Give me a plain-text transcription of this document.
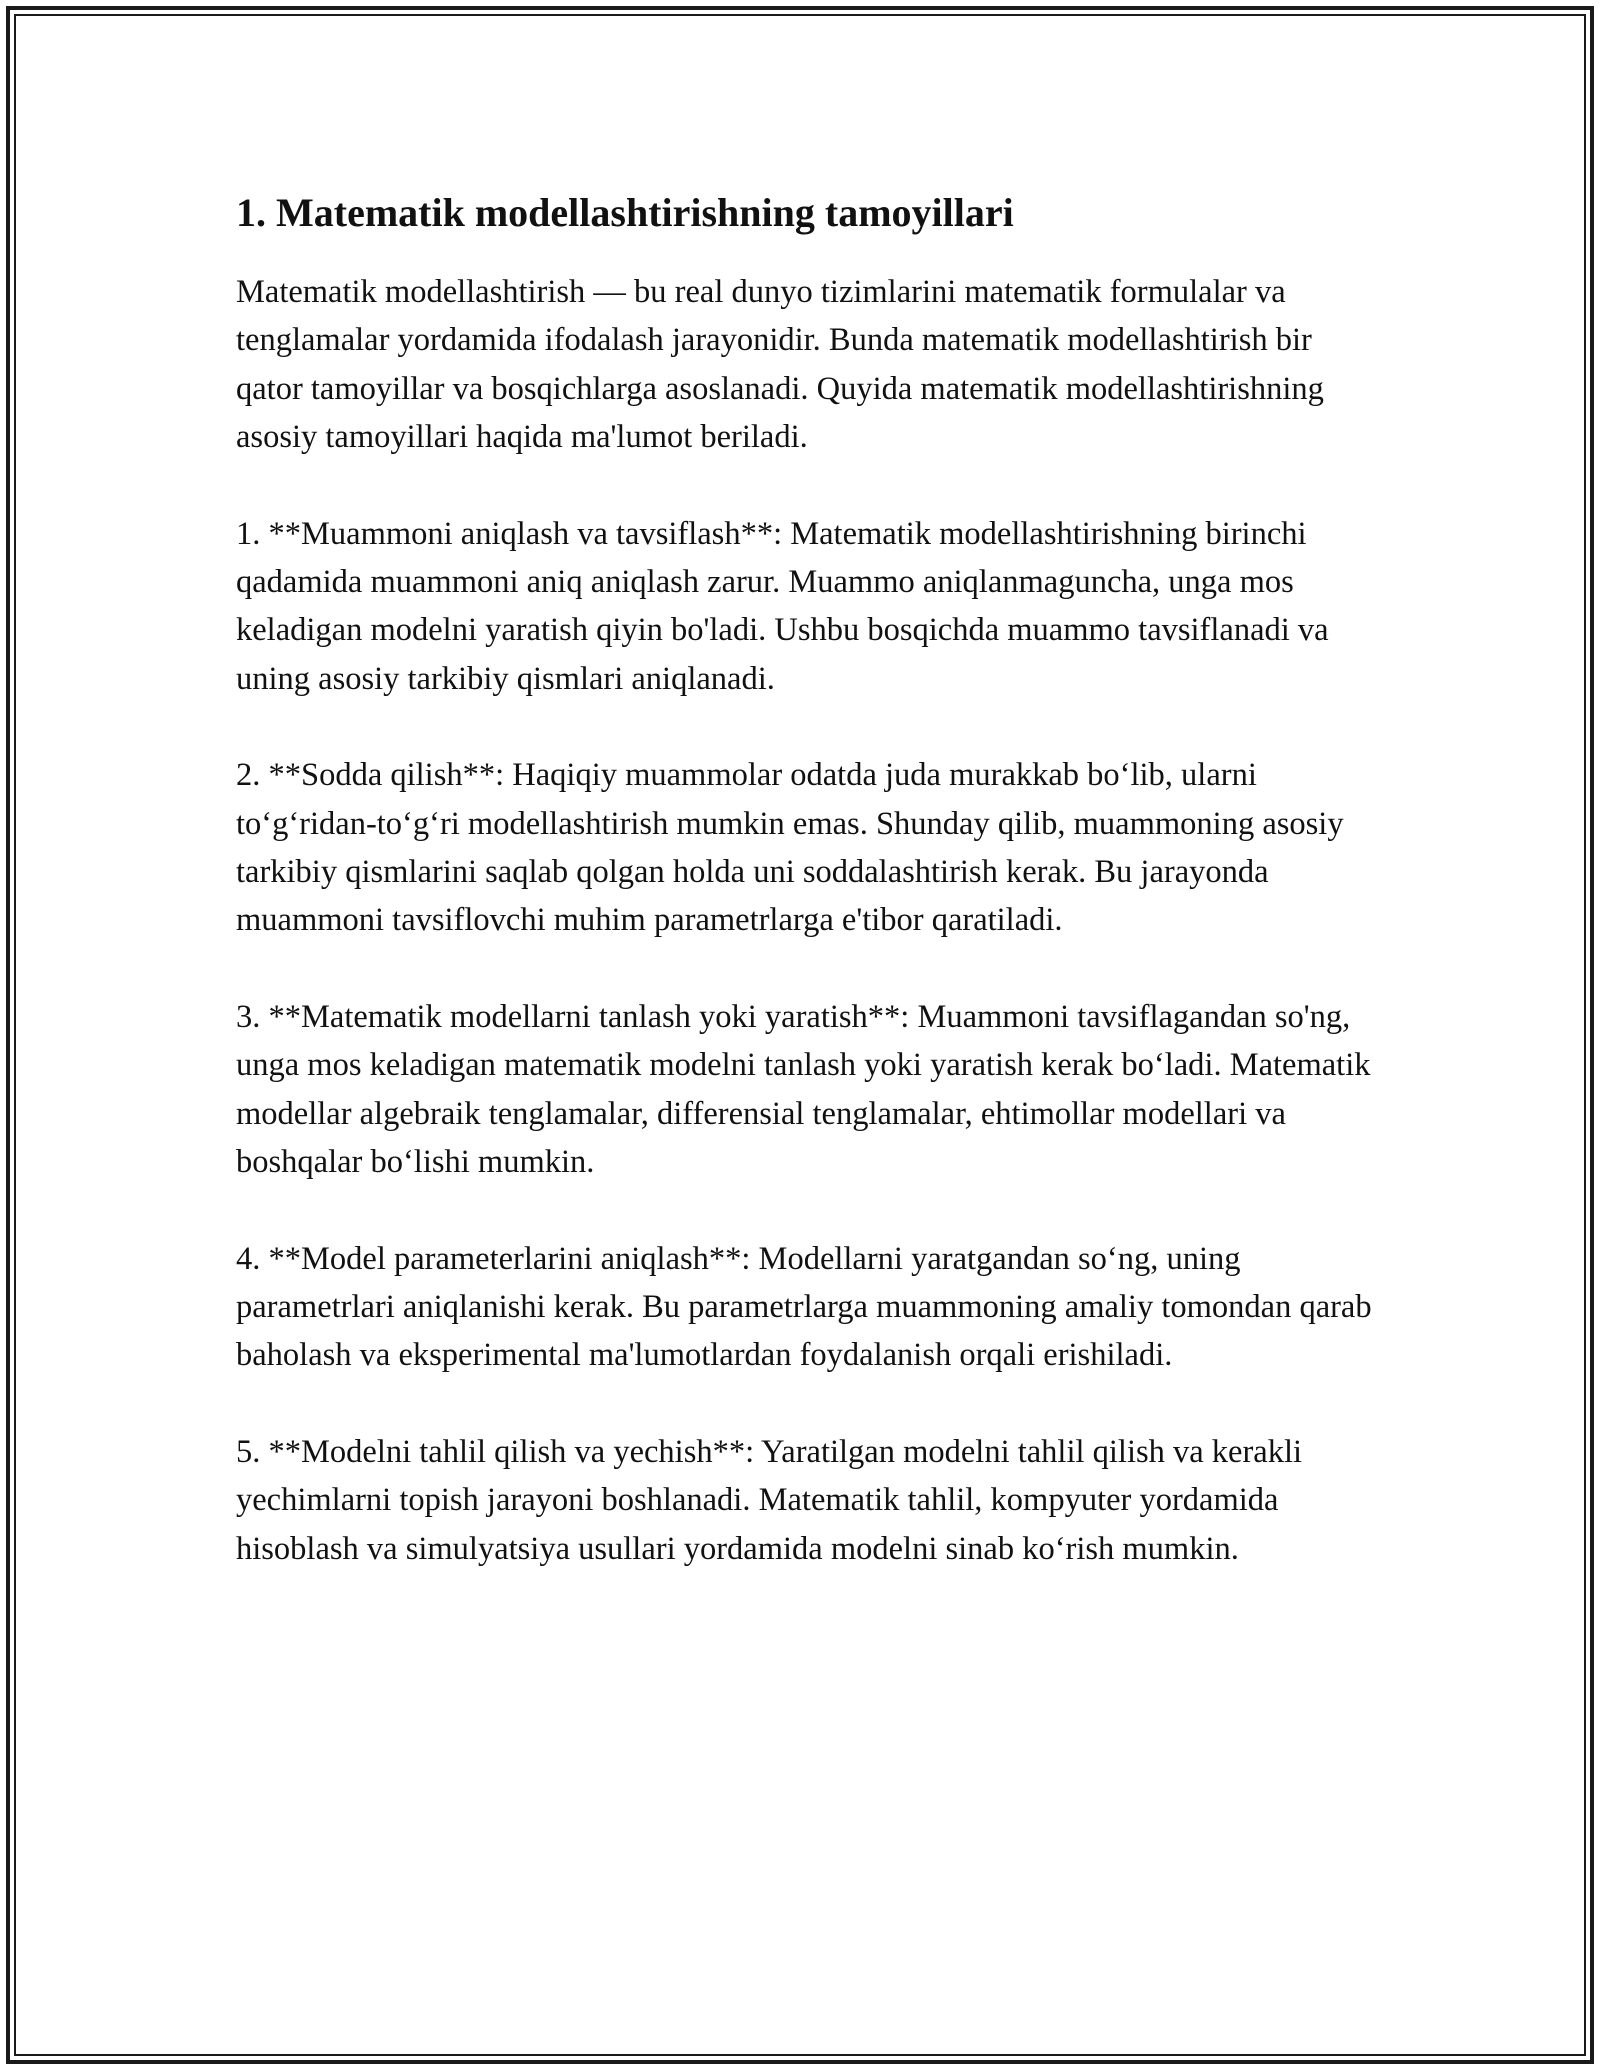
1. Matematik modellashtirishning tamoyillari

Matematik modellashtirish — bu real dunyo tizimlarini matematik formulalar va tenglamalar yordamida ifodalash jarayonidir. Bunda matematik modellashtirish bir qator tamoyillar va bosqichlarga asoslanadi. Quyida matematik modellashtirishning asosiy tamoyillari haqida ma'lumot beriladi.

1. **Muammoni aniqlash va tavsiflash**: Matematik modellashtirishning birinchi qadamida muammoni aniq aniqlash zarur. Muammo aniqlanmaguncha, unga mos keladigan modelni yaratish qiyin bo'ladi. Ushbu bosqichda muammo tavsiflanadi va uning asosiy tarkibiy qismlari aniqlanadi.

2. **Sodda qilish**: Haqiqiy muammolar odatda juda murakkab bo‘lib, ularni to‘g‘ridan-to‘g‘ri modellashtirish mumkin emas. Shunday qilib, muammoning asosiy tarkibiy qismlarini saqlab qolgan holda uni soddalashtirish kerak. Bu jarayonda muammoni tavsiflovchi muhim parametrlarga e'tibor qaratiladi.

3. **Matematik modellarni tanlash yoki yaratish**: Muammoni tavsiflagandan so'ng, unga mos keladigan matematik modelni tanlash yoki yaratish kerak bo‘ladi. Matematik modellar algebraik tenglamalar, differensial tenglamalar, ehtimollar modellari va boshqalar bo‘lishi mumkin.

4. **Model parameterlarini aniqlash**: Modellarni yaratgandan so‘ng, uning parametrlari aniqlanishi kerak. Bu parametrlarga muammoning amaliy tomondan qarab baholash va eksperimental ma'lumotlardan foydalanish orqali erishiladi.

5. **Modelni tahlil qilish va yechish**: Yaratilgan modelni tahlil qilish va kerakli yechimlarni topish jarayoni boshlanadi. Matematik tahlil, kompyuter yordamida hisoblash va simulyatsiya usullari yordamida modelni sinab ko‘rish mumkin.
